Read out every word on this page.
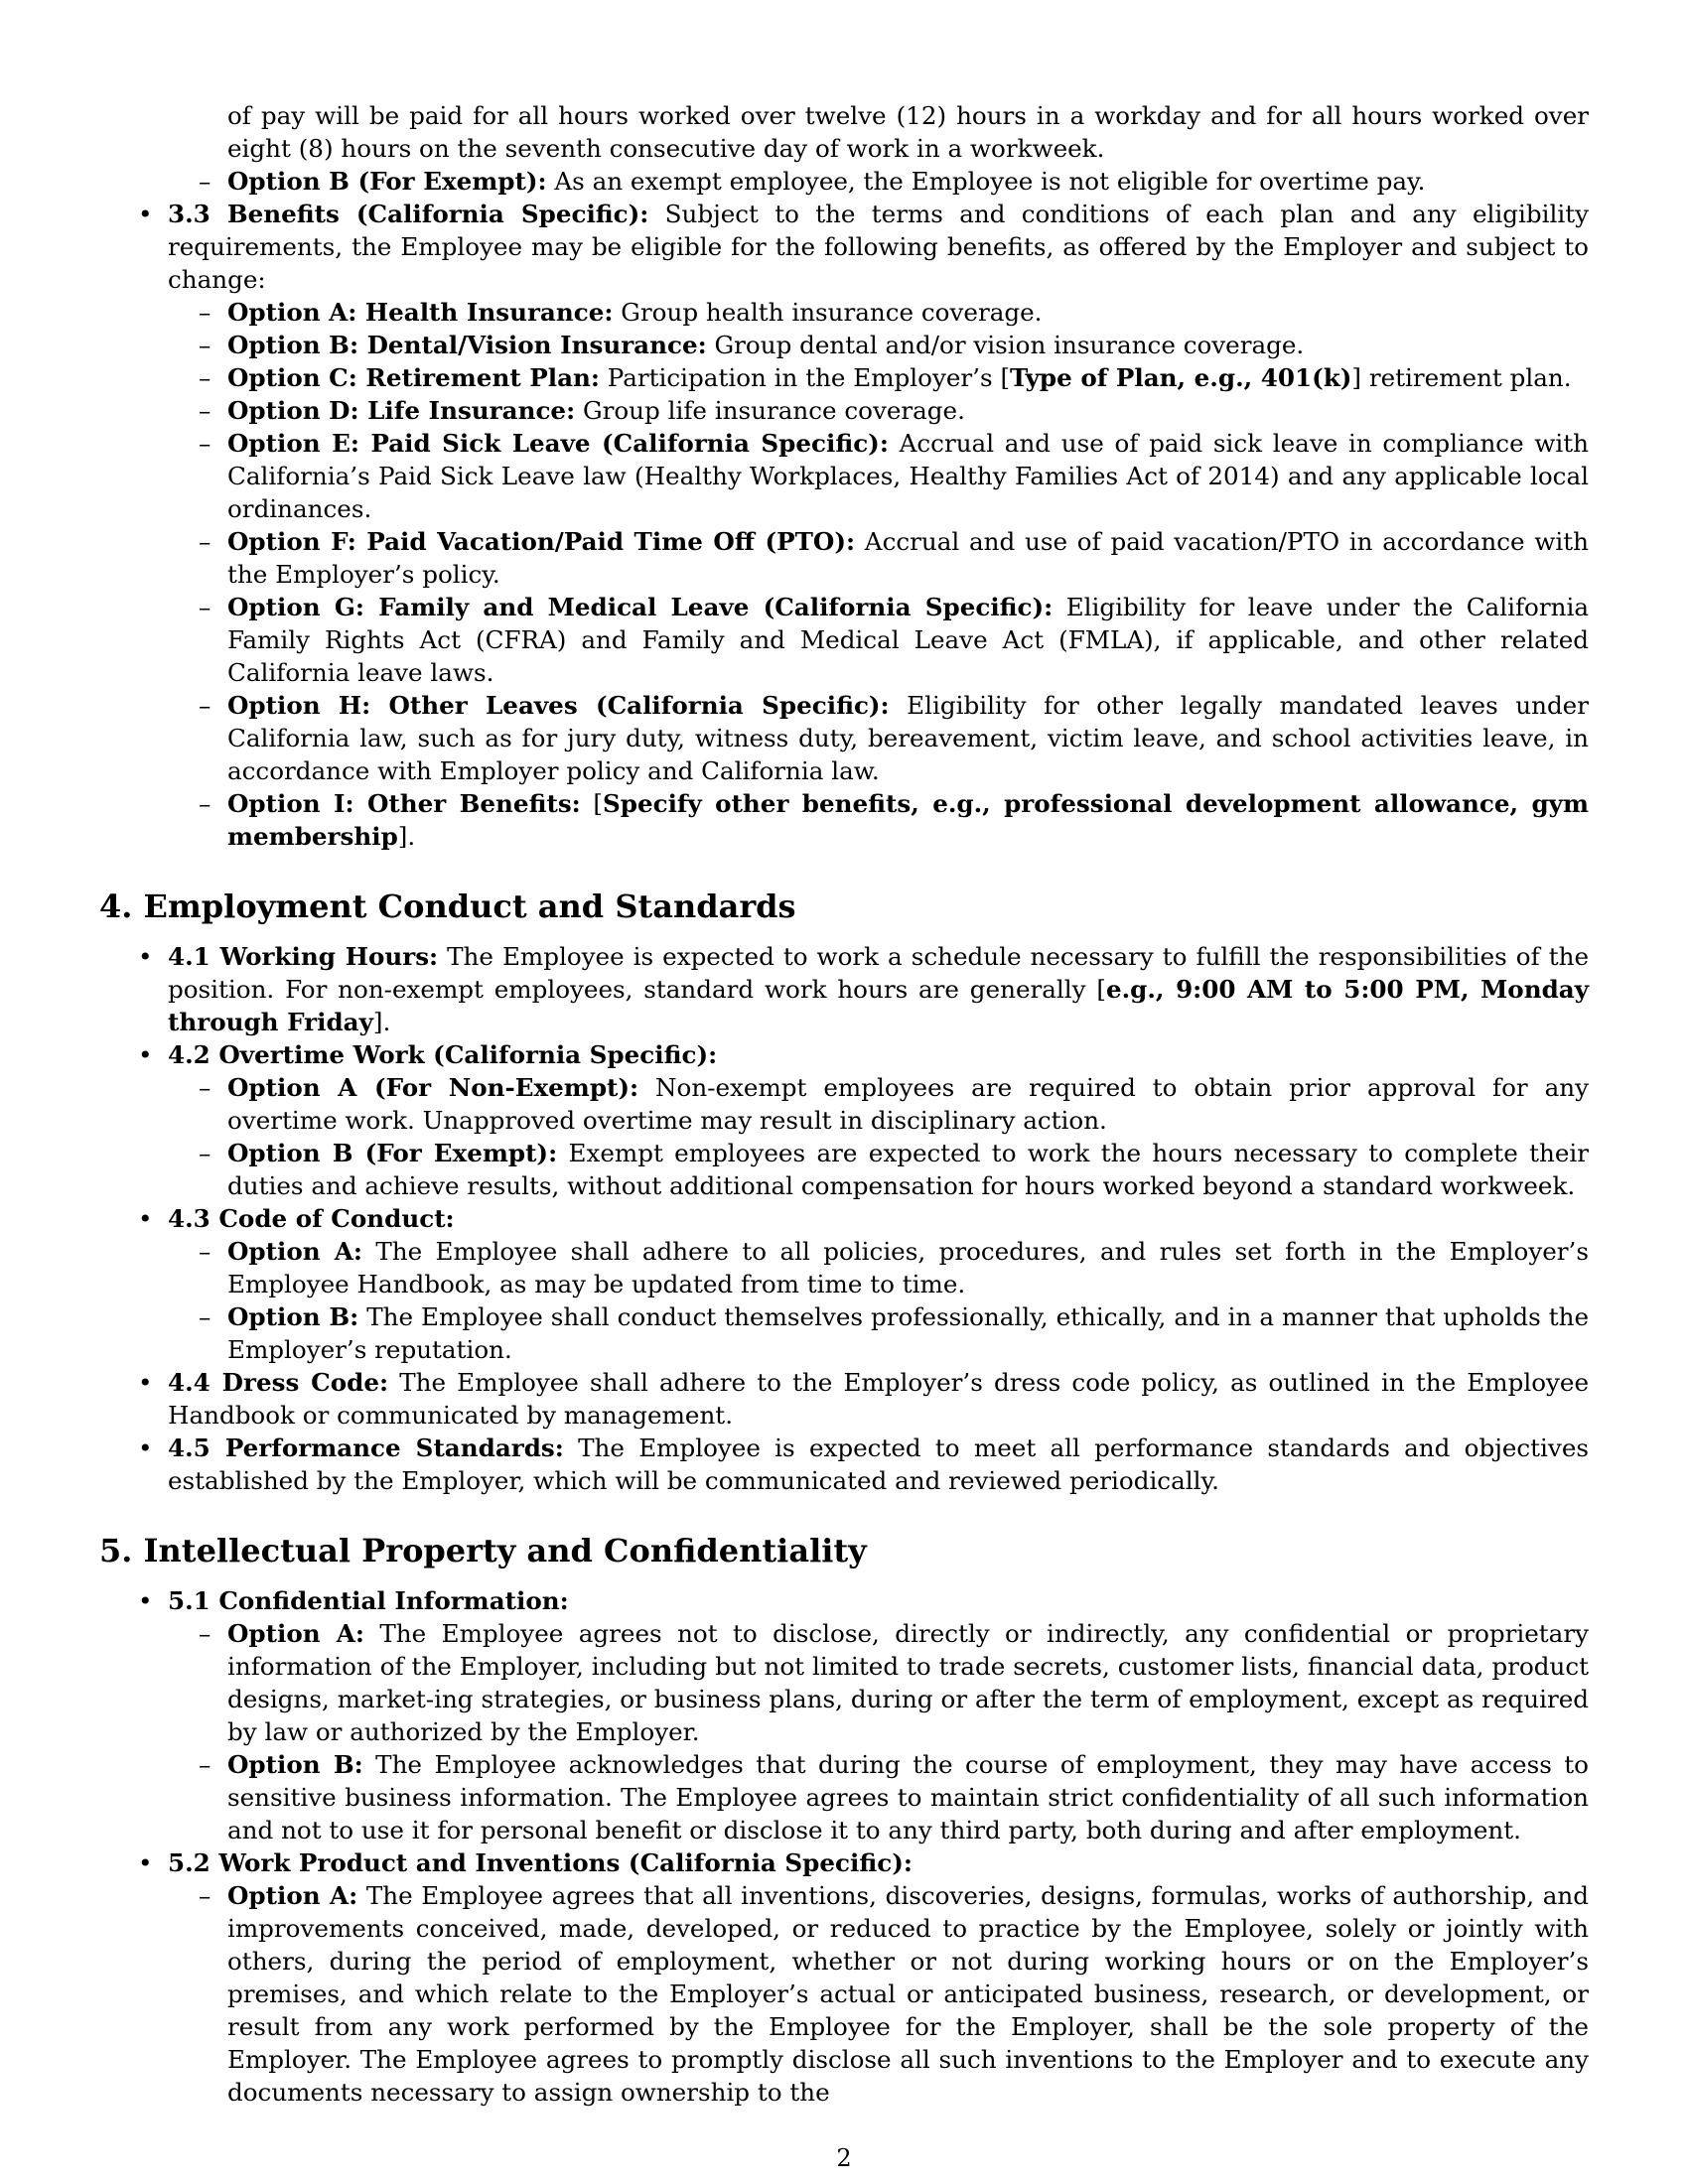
of pay will be paid for all hours worked over twelve (12) hours in a workday and for all hours worked over eight (8) hours on the seventh consecutive day of work in a workweek.

– Option B (For Exempt): As an exempt employee, the Employee is not eligible for overtime pay.

• 3.3 Benefits (California Specific): Subject to the terms and conditions of each plan and any eligibility requirements, the Employee may be eligible for the following benefits, as offered by the Employer and subject to change:

– Option A: Health Insurance: Group health insurance coverage.

– Option B: Dental/Vision Insurance: Group dental and/or vision insurance coverage.

– Option C: Retirement Plan: Participation in the Employer’s [Type of Plan, e.g., 401(k)] retirement plan.

– Option D: Life Insurance: Group life insurance coverage.

– Option E: Paid Sick Leave (California Specific): Accrual and use of paid sick leave in compliance with California’s Paid Sick Leave law (Healthy Workplaces, Healthy Families Act of 2014) and any applicable local ordinances.

– Option F: Paid Vacation/Paid Time Off (PTO): Accrual and use of paid vacation/PTO in accordance with the Employer’s policy.

– Option G: Family and Medical Leave (California Specific): Eligibility for leave under the California Family Rights Act (CFRA) and Family and Medical Leave Act (FMLA), if applicable, and other related California leave laws.

– Option H: Other Leaves (California Specific): Eligibility for other legally mandated leaves under California law, such as for jury duty, witness duty, bereavement, victim leave, and school activities leave, in accordance with Employer policy and California law.

– Option I: Other Benefits: [Specify other benefits, e.g., professional development allowance, gym membership].

4. Employment Conduct and Standards

• 4.1 Working Hours: The Employee is expected to work a schedule necessary to fulfill the responsibilities of the position. For non-exempt employees, standard work hours are generally [e.g., 9:00 AM to 5:00 PM, Monday through Friday].

• 4.2 Overtime Work (California Specific):

– Option A (For Non-Exempt): Non-exempt employees are required to obtain prior approval for any overtime work. Unapproved overtime may result in disciplinary action.

– Option B (For Exempt): Exempt employees are expected to work the hours necessary to complete their duties and achieve results, without additional compensation for hours worked beyond a standard workweek.

• 4.3 Code of Conduct:

– Option A: The Employee shall adhere to all policies, procedures, and rules set forth in the Employer’s Employee Handbook, as may be updated from time to time.

– Option B: The Employee shall conduct themselves professionally, ethically, and in a manner that upholds the Employer’s reputation.

• 4.4 Dress Code: The Employee shall adhere to the Employer’s dress code policy, as outlined in the Employee Handbook or communicated by management.

• 4.5 Performance Standards: The Employee is expected to meet all performance standards and objectives established by the Employer, which will be communicated and reviewed periodically.

5. Intellectual Property and Confidentiality

• 5.1 Confidential Information:

– Option A: The Employee agrees not to disclose, directly or indirectly, any confidential or proprietary information of the Employer, including but not limited to trade secrets, customer lists, financial data, product designs, market-ing strategies, or business plans, during or after the term of employment, except as required by law or authorized by the Employer.

– Option B: The Employee acknowledges that during the course of employment, they may have access to sensitive business information. The Employee agrees to maintain strict confidentiality of all such information and not to use it for personal benefit or disclose it to any third party, both during and after employment.

• 5.2 Work Product and Inventions (California Specific):

– Option A: The Employee agrees that all inventions, discoveries, designs, formulas, works of authorship, and improvements conceived, made, developed, or reduced to practice by the Employee, solely or jointly with others, during the period of employment, whether or not during working hours or on the Employer’s premises, and which relate to the Employer’s actual or anticipated business, research, or development, or result from any work performed by the Employee for the Employer, shall be the sole property of the Employer. The Employee agrees to promptly disclose all such inventions to the Employer and to execute any documents necessary to assign ownership to the

2
